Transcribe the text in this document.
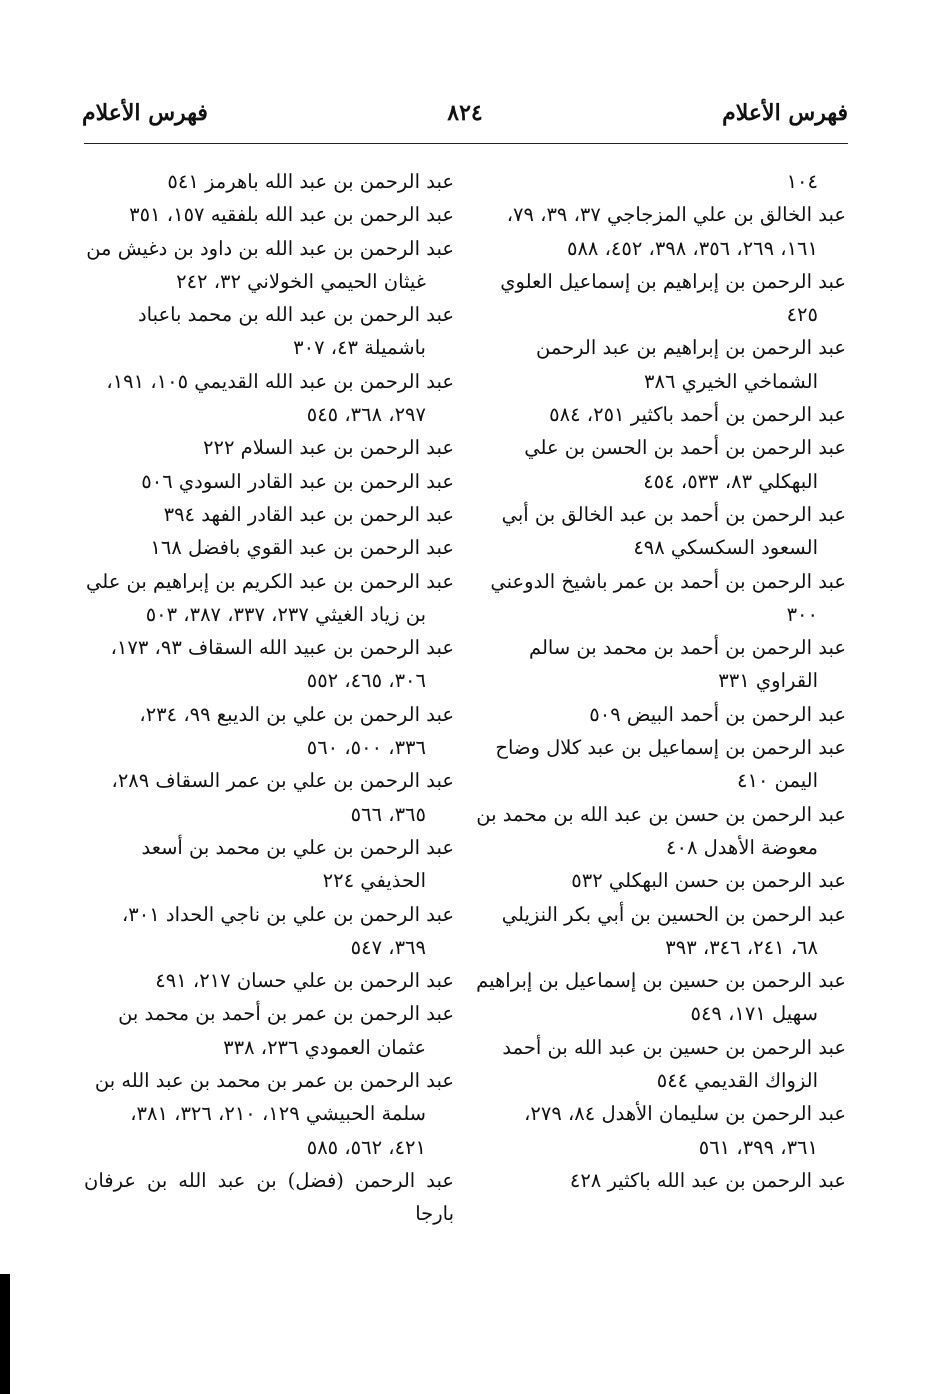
فهرس الأعلام
٨٢٤
فهرس الأعلام
١٠٤
عبد الخالق بن علي المزجاجي ٣٧، ٣٩، ٧٩،
١٦١، ٢٦٩، ٣٥٦، ٣٩٨، ٤٥٢، ٥٨٨
عبد الرحمن بن إبراهيم بن إسماعيل العلوي
٤٢٥
عبد الرحمن بن إبراهيم بن عبد الرحمن
الشماخي الخيري ٣٨٦
عبد الرحمن بن أحمد باكثير ٢٥١، ٥٨٤
عبد الرحمن بن أحمد بن الحسن بن علي
البهكلي ٨٣، ٥٣٣، ٤٥٤
عبد الرحمن بن أحمد بن عبد الخالق بن أبي
السعود السكسكي ٤٩٨
عبد الرحمن بن أحمد بن عمر باشيخ الدوعني
٣٠٠
عبد الرحمن بن أحمد بن محمد بن سالم
القراوي ٣٣١
عبد الرحمن بن أحمد البيض ٥٠٩
عبد الرحمن بن إسماعيل بن عبد كلال وضاح
اليمن ٤١٠
عبد الرحمن بن حسن بن عبد الله بن محمد بن
معوضة الأهدل ٤٠٨
عبد الرحمن بن حسن البهكلي ٥٣٢
عبد الرحمن بن الحسين بن أبي بكر النزيلي
٦٨، ٢٤١، ٣٤٦، ٣٩٣
عبد الرحمن بن حسين بن إسماعيل بن إبراهيم
سهيل ١٧١، ٥٤٩
عبد الرحمن بن حسين بن عبد الله بن أحمد
الزواك القديمي ٥٤٤
عبد الرحمن بن سليمان الأهدل ٨٤، ٢٧٩،
٣٦١، ٣٩٩، ٥٦١
عبد الرحمن بن عبد الله باكثير ٤٢٨
عبد الرحمن بن عبد الله باهرمز ٥٤١
عبد الرحمن بن عبد الله بلفقيه ١٥٧، ٣٥١
عبد الرحمن بن عبد الله بن داود بن دغيش من
غيثان الحيمي الخولاني ٣٢، ٢٤٢
عبد الرحمن بن عبد الله بن محمد باعباد
باشميلة ٤٣، ٣٠٧
عبد الرحمن بن عبد الله القديمي ١٠٥، ١٩١،
٢٩٧، ٣٦٨، ٥٤٥
عبد الرحمن بن عبد السلام ٢٢٢
عبد الرحمن بن عبد القادر السودي ٥٠٦
عبد الرحمن بن عبد القادر الفهد ٣٩٤
عبد الرحمن بن عبد القوي بافضل ١٦٨
عبد الرحمن بن عبد الكريم بن إبراهيم بن علي
بن زياد الغيثي ٢٣٧، ٣٣٧، ٣٨٧، ٥٠٣
عبد الرحمن بن عبيد الله السقاف ٩٣، ١٧٣،
٣٠٦، ٤٦٥، ٥٥٢
عبد الرحمن بن علي بن الديبع ٩٩، ٢٣٤،
٣٣٦، ٥٠٠، ٥٦٠
عبد الرحمن بن علي بن عمر السقاف ٢٨٩،
٣٦٥، ٥٦٦
عبد الرحمن بن علي بن محمد بن أسعد
الحذيفي ٢٢٤
عبد الرحمن بن علي بن ناجي الحداد ٣٠١،
٣٦٩، ٥٤٧
عبد الرحمن بن علي حسان ٢١٧، ٤٩١
عبد الرحمن بن عمر بن أحمد بن محمد بن
عثمان العمودي ٢٣٦، ٣٣٨
عبد الرحمن بن عمر بن محمد بن عبد الله بن
سلمة الحبيشي ١٢٩، ٢١٠، ٣٢٦، ٣٨١،
٤٢١، ٥٦٢، ٥٨٥
عبد الرحمن (فضل) بن عبد الله بن عرفان بارجا
